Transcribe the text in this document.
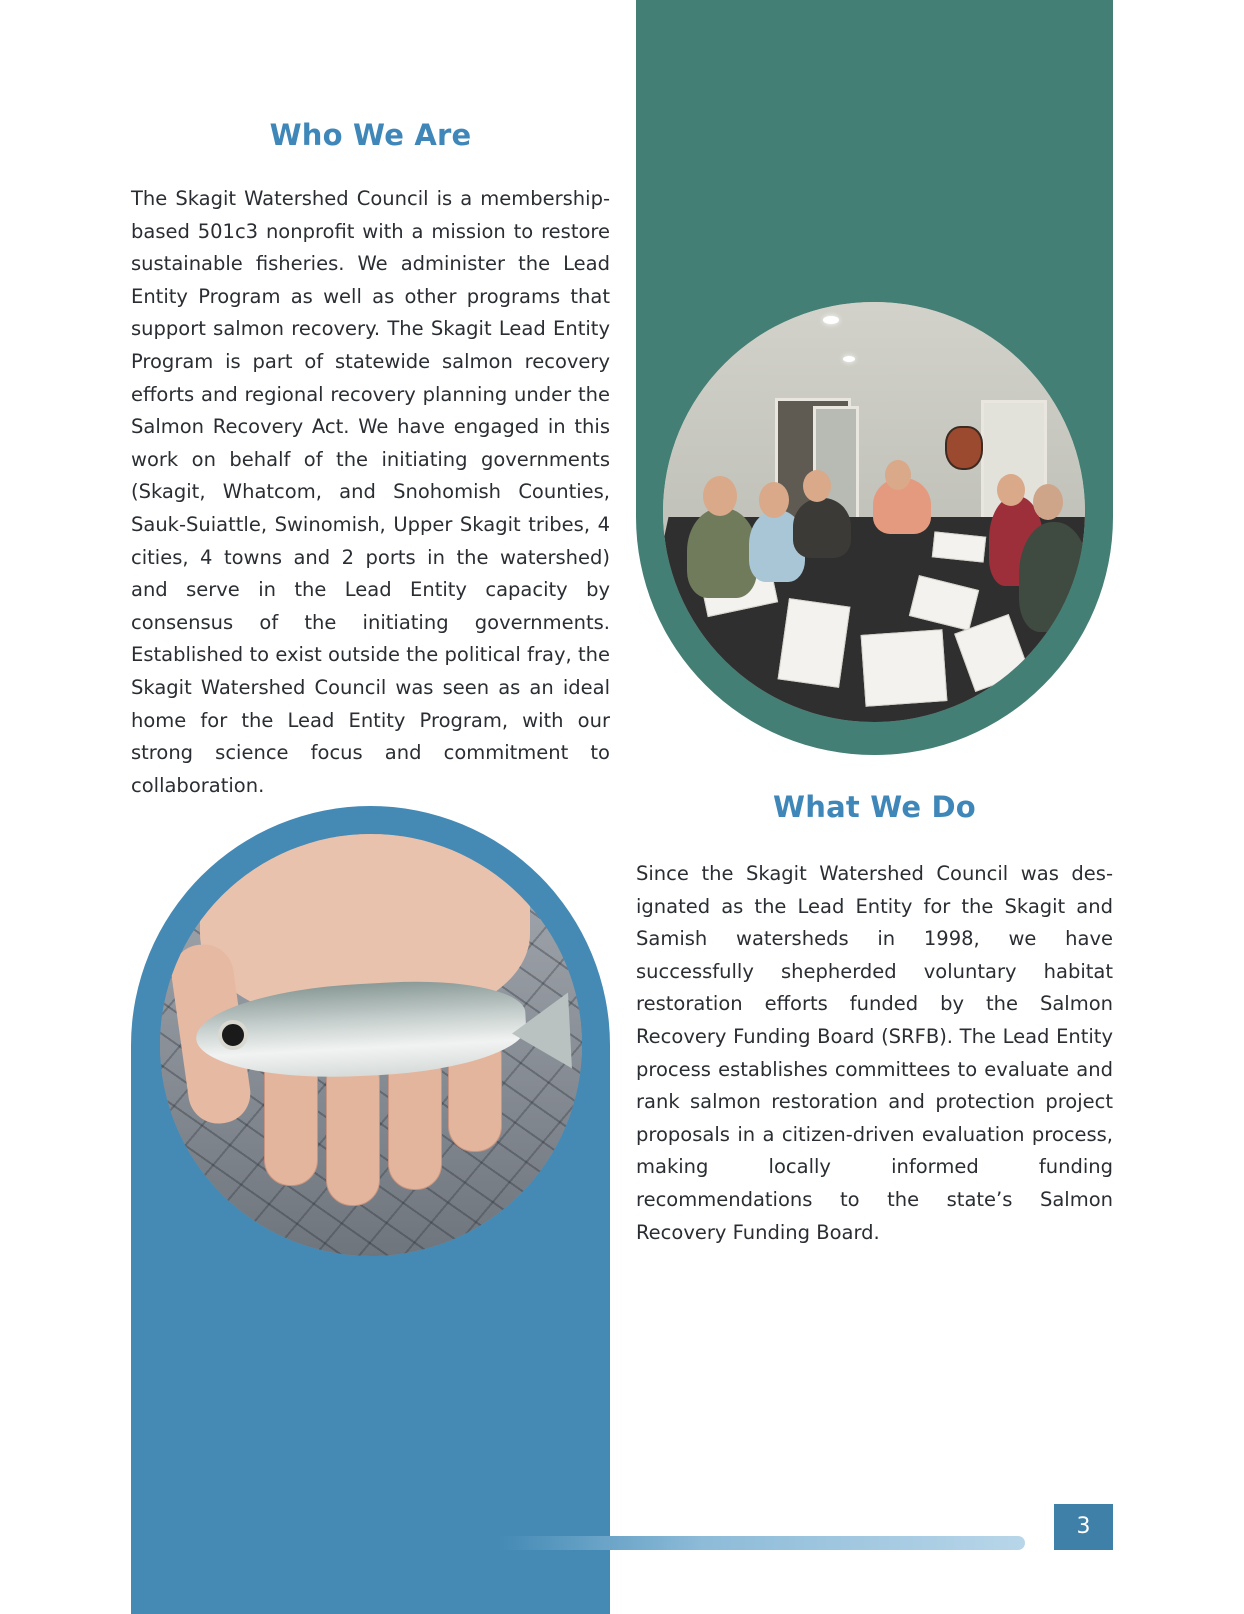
Who We Are

The Skagit Watershed Council is a membership-based 501c3 nonprofit with a mission to restore sustainable fisheries. We administer the Lead Entity Program as well as other programs that support salmon recovery. The Skagit Lead Entity Program is part of statewide salmon recovery efforts and regional recovery planning under the Salmon Recovery Act. We have engaged in this work on behalf of the initiating governments (Skagit, Whatcom, and Snohomish Counties, Sauk-Suiattle, Swinomish, Upper Skagit tribes, 4 cities, 4 towns and 2 ports in the watershed) and serve in the Lead Entity capacity by consensus of the initiating governments. Established to exist outside the political fray, the Skagit Watershed Council was seen as an ideal home for the Lead Entity Program, with our strong science focus and commitment to collaboration.

What We Do

Since the Skagit Watershed Council was designated as the Lead Entity for the Skagit and Samish watersheds in 1998, we have successfully shepherded voluntary habitat restoration efforts funded by the Salmon Recovery Funding Board (SRFB). The Lead Entity process establishes committees to evaluate and rank salmon restoration and protection project proposals in a citizen-driven evaluation process, making locally informed funding recommendations to the state’s Salmon Recovery Funding Board.

3
